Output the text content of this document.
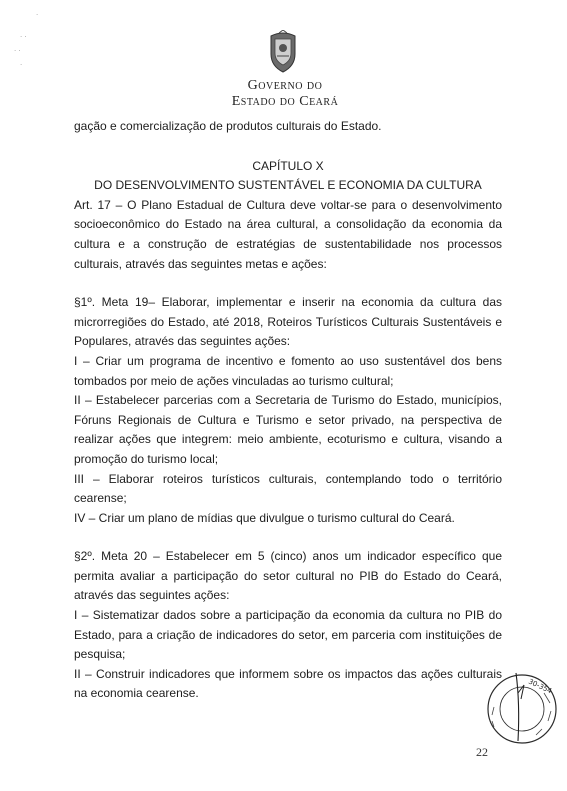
·
· ·
· ·
·
Governo do
Estado do Ceará

gação e comercialização de produtos culturais do Estado.

CAPÍTULO X

DO DESENVOLVIMENTO SUSTENTÁVEL E ECONOMIA DA CULTURA

Art. 17 – O Plano Estadual de Cultura deve voltar-se para o desenvolvimento socioeconômico do Estado na área cultural, a consolidação da economia da cultura e a construção de estratégias de sustentabilidade nos processos culturais, através das seguintes metas e ações:

§1º. Meta 19– Elaborar, implementar e inserir na economia da cultura das microrregiões do Estado, até 2018, Roteiros Turísticos Culturais Sustentáveis e Populares, através das seguintes ações:

I – Criar um programa de incentivo e fomento ao uso sustentável dos bens tombados por meio de ações vinculadas ao turismo cultural;

II – Estabelecer parcerias com a Secretaria de Turismo do Estado, municípios, Fóruns Regionais de Cultura e Turismo e setor privado, na perspectiva de realizar ações que integrem: meio ambiente, ecoturismo e cultura, visando a promoção do turismo local;

III – Elaborar roteiros turísticos culturais, contemplando todo o território cearense;

IV – Criar um plano de mídias que divulgue o turismo cultural do Ceará.

§2º. Meta 20 – Estabelecer em 5 (cinco) anos um indicador específico que permita avaliar a participação do setor cultural no PIB do Estado do Ceará, através das seguintes ações:

I – Sistematizar dados sobre a participação da economia da cultura no PIB do Estado, para a criação de indicadores do setor, em parceria com instituições de pesquisa;

II – Construir indicadores que informem sobre os impactos das ações culturais na economia cearense.	30-354
22
